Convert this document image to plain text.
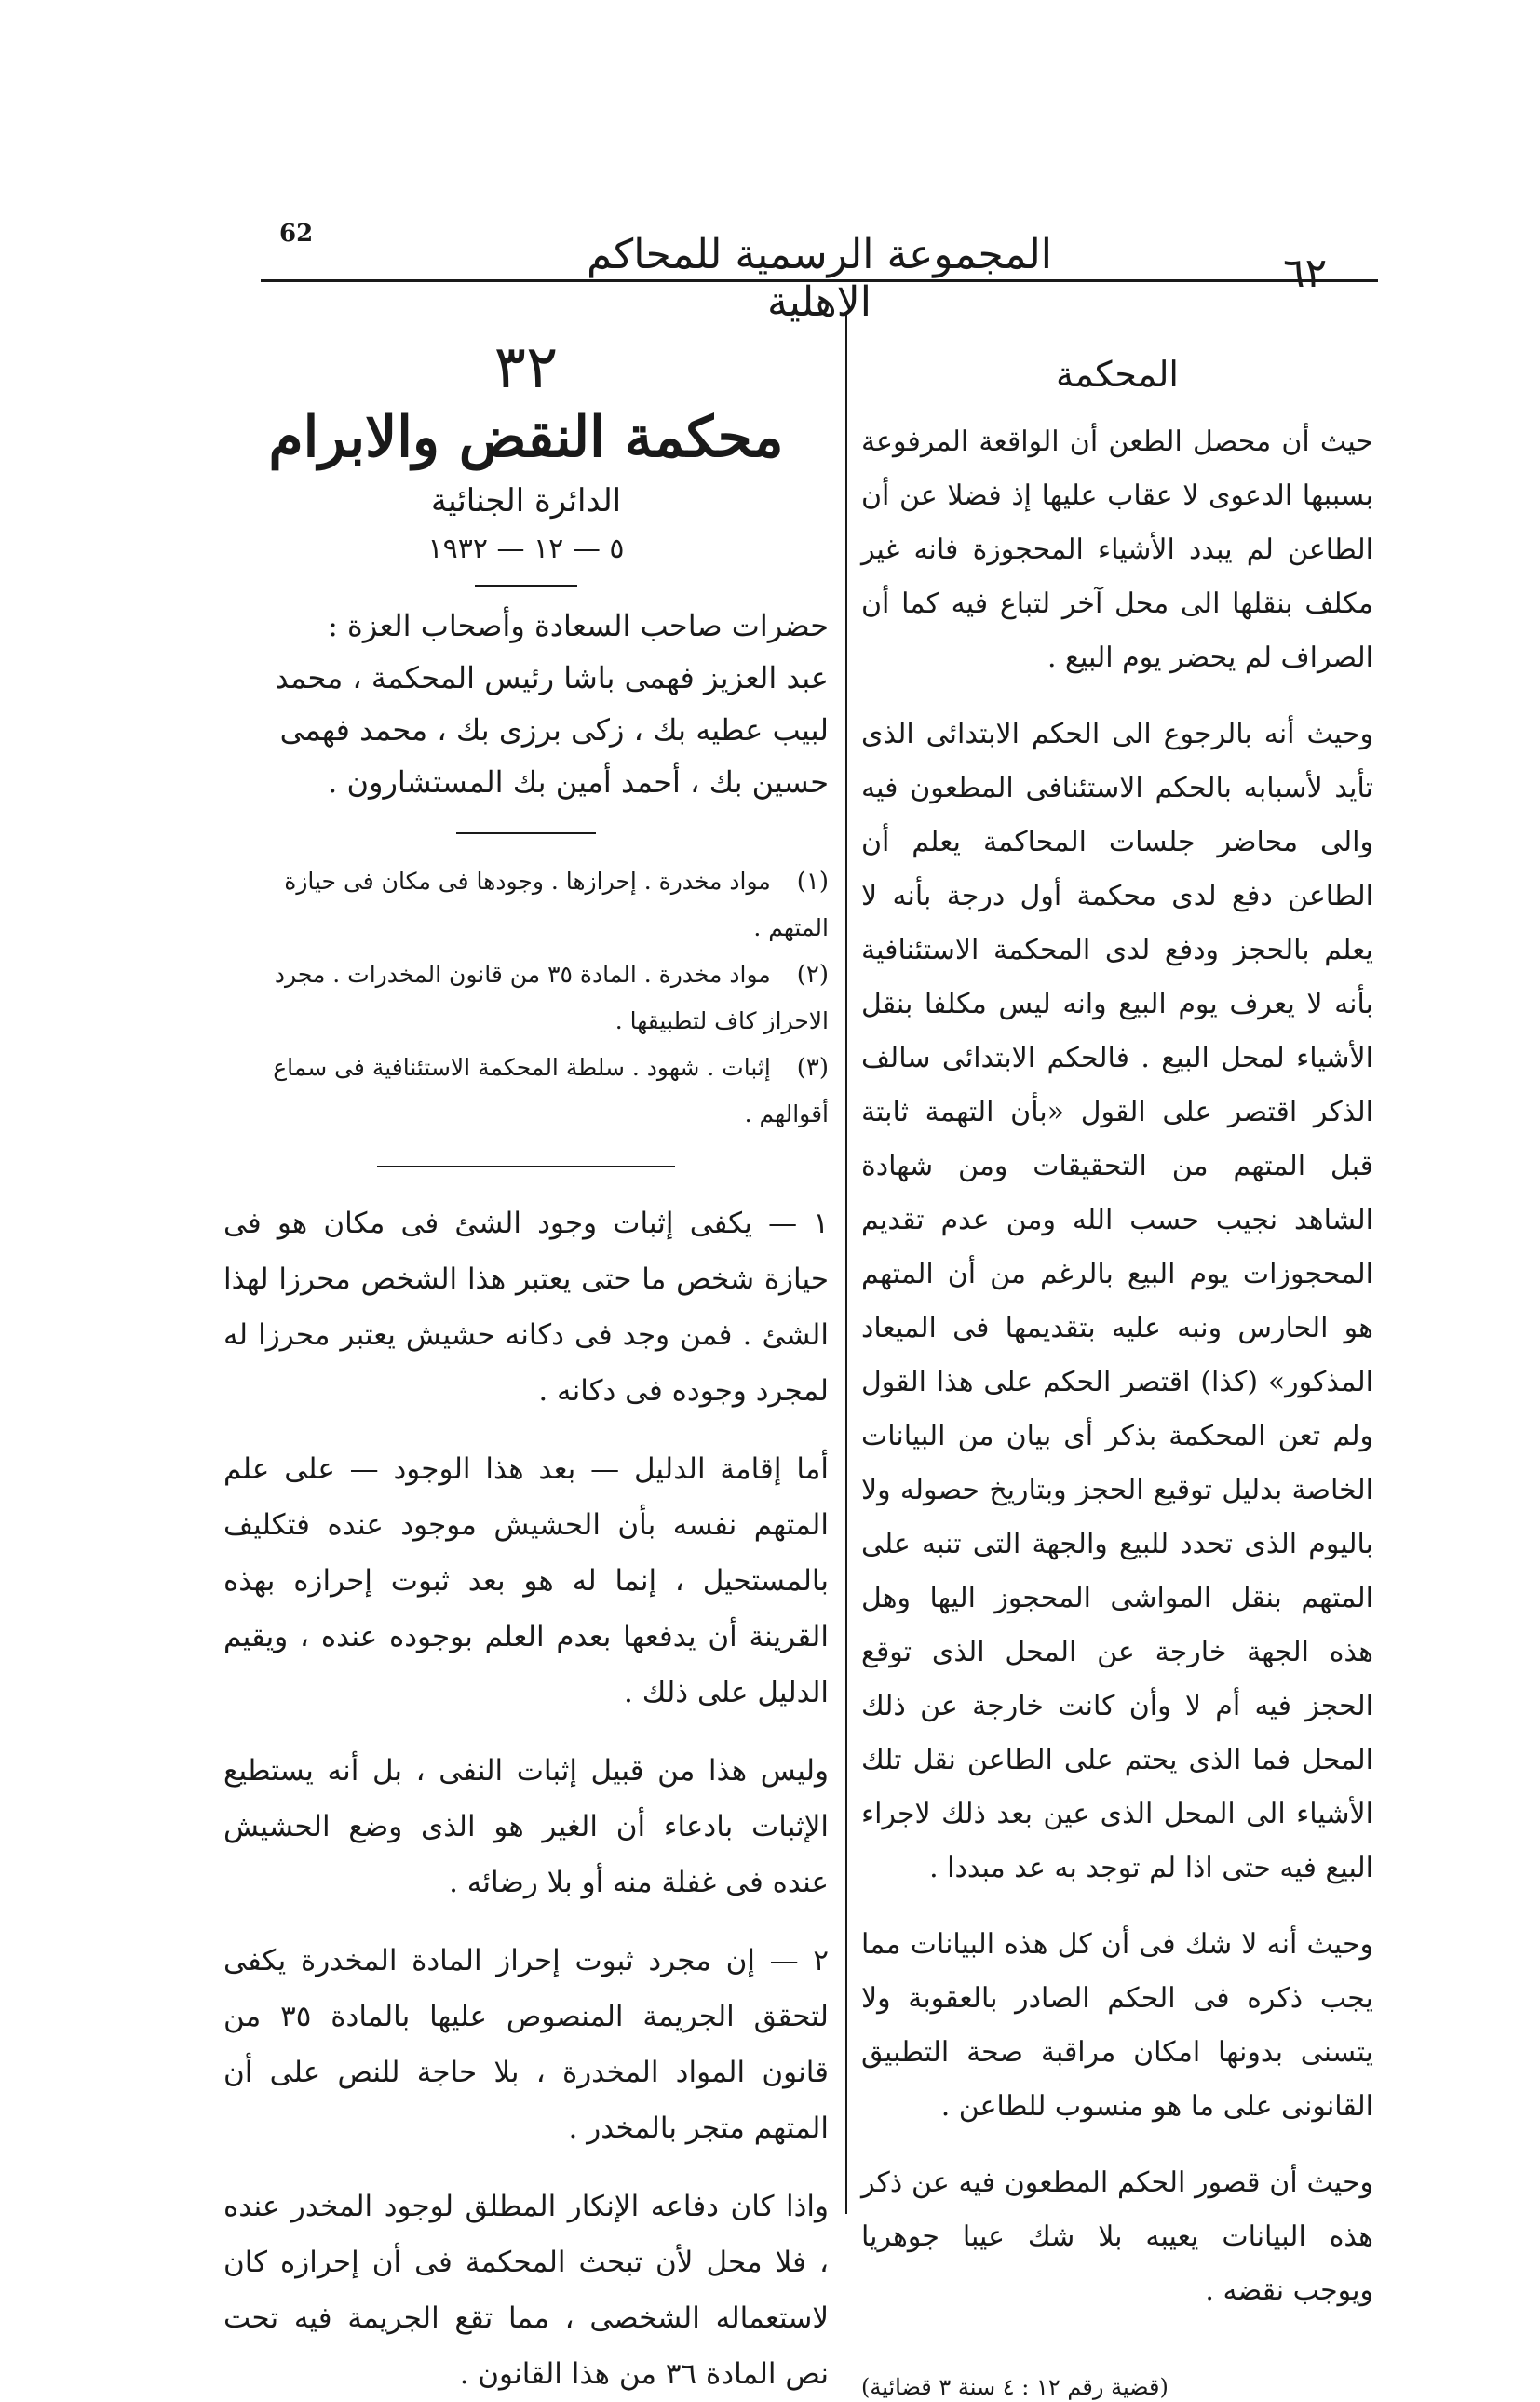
62	المجموعة الرسمية للمحاكم الاهلية
٦٢
المحكمة

حيث أن محصل الطعن أن الواقعة المرفوعة بسببها الدعوى لا عقاب عليها إذ فضلا عن أن الطاعن لم يبدد الأشياء المحجوزة فانه غير مكلف بنقلها الى محل آخر لتباع فيه كما أن الصراف لم يحضر يوم البيع .

وحيث أنه بالرجوع الى الحكم الابتدائى الذى تأيد لأسبابه بالحكم الاستئنافى المطعون فيه والى محاضر جلسات المحاكمة يعلم أن الطاعن دفع لدى محكمة أول درجة بأنه لا يعلم بالحجز ودفع لدى المحكمة الاستئنافية بأنه لا يعرف يوم البيع وانه ليس مكلفا بنقل الأشياء لمحل البيع . فالحكم الابتدائى سالف الذكر اقتصر على القول «بأن التهمة ثابتة قبل المتهم من التحقيقات ومن شهادة الشاهد نجيب حسب الله ومن عدم تقديم المحجوزات يوم البيع بالرغم من أن المتهم هو الحارس ونبه عليه بتقديمها فى الميعاد المذكور» (كذا) اقتصر الحكم على هذا القول ولم تعن المحكمة بذكر أى بيان من البيانات الخاصة بدليل توقيع الحجز وبتاريخ حصوله ولا باليوم الذى تحدد للبيع والجهة التى تنبه على المتهم بنقل المواشى المحجوز اليها وهل هذه الجهة خارجة عن المحل الذى توقع الحجز فيه أم لا وأن كانت خارجة عن ذلك المحل فما الذى يحتم على الطاعن نقل تلك الأشياء الى المحل الذى عين بعد ذلك لاجراء البيع فيه حتى اذا لم توجد به عد مبددا .

وحيث أنه لا شك فى أن كل هذه البيانات مما يجب ذكره فى الحكم الصادر بالعقوبة ولا يتسنى بدونها امكان مراقبة صحة التطبيق القانونى على ما هو منسوب للطاعن .

وحيث أن قصور الحكم المطعون فيه عن ذكر هذه البيانات يعيبه بلا شك عيبا جوهريا ويوجب نقضه .

(قضية رقم ١٢ : ٤ سنة ٣ قضائية)
٣٢
محكمة النقض والابرام
الدائرة الجنائية
٥ — ١٢ — ١٩٣٢

حضرات صاحب السعادة وأصحاب العزة :

عبد العزيز فهمى باشا رئيس المحكمة ، محمد لبيب عطيه بك ، زكى برزى بك ، محمد فهمى حسين بك ، أحمد أمين بك المستشارون .

(١) مواد مخدرة . إحرازها . وجودها فى مكان فى حيازة المتهم .

(٢) مواد مخدرة . المادة ٣٥ من قانون المخدرات . مجرد الاحراز كاف لتطبيقها .

(٣) إثبات . شهود . سلطة المحكمة الاستئنافية فى سماع أقوالهم .

١ — يكفى إثبات وجود الشئ فى مكان هو فى حيازة شخص ما حتى يعتبر هذا الشخص محرزا لهذا الشئ . فمن وجد فى دكانه حشيش يعتبر محرزا له لمجرد وجوده فى دكانه .

أما إقامة الدليل — بعد هذا الوجود — على علم المتهم نفسه بأن الحشيش موجود عنده فتكليف بالمستحيل ، إنما له هو بعد ثبوت إحرازه بهذه القرينة أن يدفعها بعدم العلم بوجوده عنده ، ويقيم الدليل على ذلك .

وليس هذا من قبيل إثبات النفى ، بل أنه يستطيع الإثبات بادعاء أن الغير هو الذى وضع الحشيش عنده فى غفلة منه أو بلا رضائه .

٢ — إن مجرد ثبوت إحراز المادة المخدرة يكفى لتحقق الجريمة المنصوص عليها بالمادة ٣٥ من قانون المواد المخدرة ، بلا حاجة للنص على أن المتهم متجر بالمخدر .

واذا كان دفاعه الإنكار المطلق لوجود المخدر عنده ، فلا محل لأن تبحث المحكمة فى أن إحرازه كان لاستعماله الشخصى ، مما تقع الجريمة فيه تحت نص المادة ٣٦ من هذا القانون .
